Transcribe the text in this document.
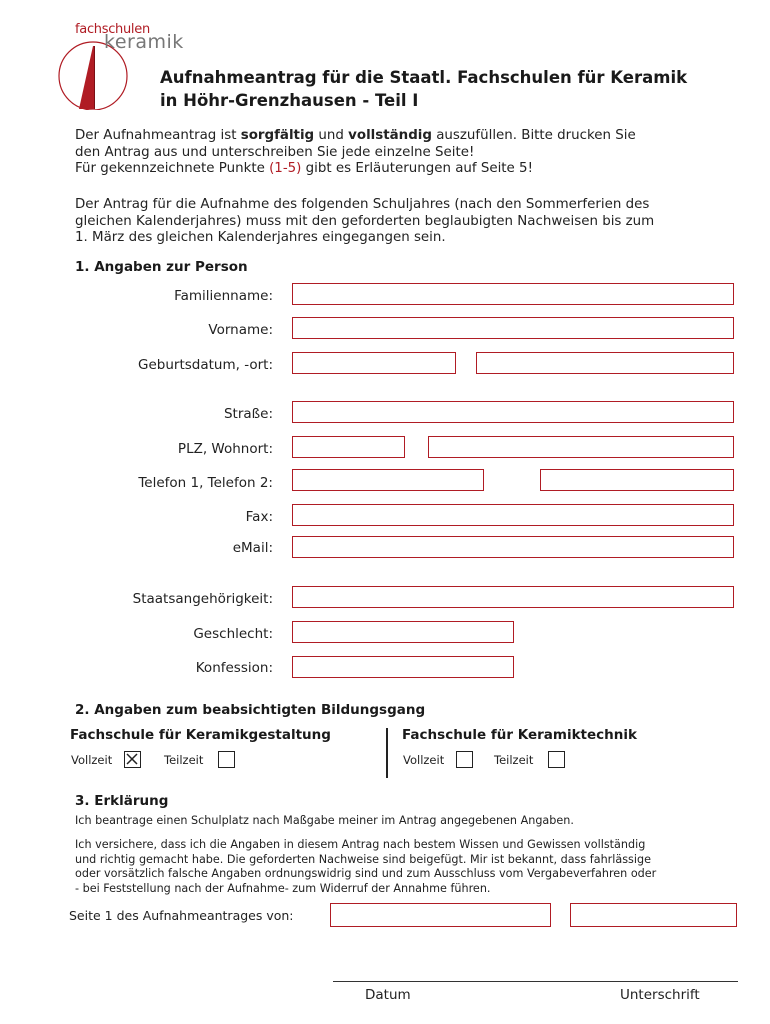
fachschulen
keramik
Aufnahmeantrag für die Staatl. Fachschulen für Keramik
in Höhr-Grenzhausen - Teil I
Der Aufnahmeantrag ist sorgfältig und vollständig auszufüllen. Bitte drucken Sie
den Antrag aus und unterschreiben Sie jede einzelne Seite!
Für gekennzeichnete Punkte (1-5) gibt es Erläuterungen auf Seite 5!
Der Antrag für die Aufnahme des folgenden Schuljahres (nach den Sommerferien des
gleichen Kalenderjahres) muss mit den geforderten beglaubigten Nachweisen bis zum
1. März des gleichen Kalenderjahres eingegangen sein.
1. Angaben zur Person
Familienname:
Vorname:
Geburtsdatum, -ort:
Straße:
PLZ, Wohnort:
Telefon 1, Telefon 2:
Fax:
eMail:
Staatsangehörigkeit:
Geschlecht:
Konfession:
2. Angaben zum beabsichtigten Bildungsgang
Fachschule für Keramikgestaltung
Vollzeit	Teilzeit
Fachschule für Keramiktechnik
Vollzeit	Teilzeit
3. Erklärung
Ich beantrage einen Schulplatz nach Maßgabe meiner im Antrag angegebenen Angaben.
Ich versichere, dass ich die Angaben in diesem Antrag nach bestem Wissen und Gewissen vollständig
und richtig gemacht habe. Die geforderten Nachweise sind beigefügt. Mir ist bekannt, dass fahrlässige
oder vorsätzlich falsche Angaben ordnungswidrig sind und zum Ausschluss vom Vergabeverfahren oder
- bei Feststellung nach der Aufnahme- zum Widerruf der Annahme führen.
Seite 1 des Aufnahmeantrages von:
Datum	Unterschrift
